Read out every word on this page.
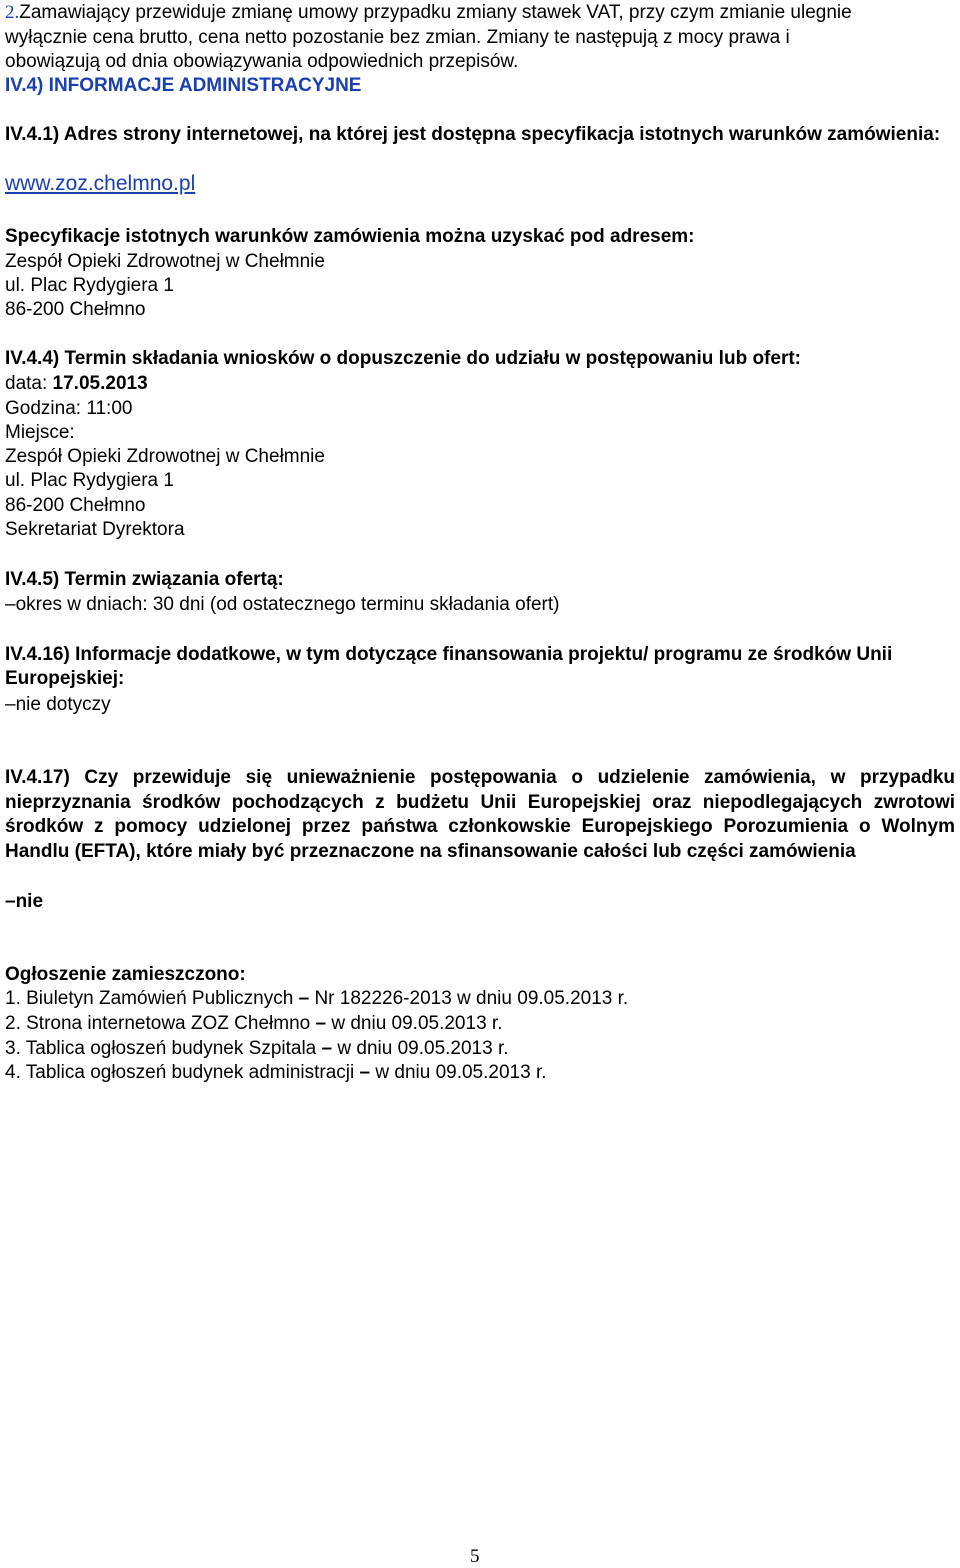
2.Zamawiający przewiduje zmianę umowy przypadku zmiany stawek VAT, przy czym zmianie ulegnie
wyłącznie cena brutto, cena netto pozostanie bez zmian. Zmiany te następują z mocy prawa i
obowiązują od dnia obowiązywania odpowiednich przepisów.
IV.4) INFORMACJE ADMINISTRACYJNE
IV.4.1) Adres strony internetowej, na której jest dostępna specyfikacja istotnych warunków zamówienia:
www.zoz.chelmno.pl
Specyfikacje istotnych warunków zamówienia można uzyskać pod adresem:
Zespół Opieki Zdrowotnej w Chełmnie
ul. Plac Rydygiera 1
86-200 Chełmno
IV.4.4) Termin składania wniosków o dopuszczenie do udziału w postępowaniu lub ofert:
data: 17.05.2013
Godzina: 11:00
Miejsce:
Zespół Opieki Zdrowotnej w Chełmnie
ul. Plac Rydygiera 1
86-200 Chełmno
Sekretariat Dyrektora
IV.4.5) Termin związania ofertą:
–okres w dniach: 30 dni (od ostatecznego terminu składania ofert)
IV.4.16) Informacje dodatkowe, w tym dotyczące finansowania projektu/ programu ze środków Unii Europejskiej:
–nie dotyczy
IV.4.17) Czy przewiduje się unieważnienie postępowania o udzielenie zamówienia, w przypadku nieprzyznania środków pochodzących z budżetu Unii Europejskiej oraz niepodlegających zwrotowi środków z pomocy udzielonej przez państwa członkowskie Europejskiego Porozumienia o Wolnym Handlu (EFTA), które miały być przeznaczone na sfinansowanie całości lub części zamówienia
–nie
Ogłoszenie zamieszczono:
1. Biuletyn Zamówień Publicznych – Nr 182226-2013 w dniu 09.05.2013 r.
2. Strona internetowa ZOZ Chełmno – w dniu 09.05.2013 r.
3. Tablica ogłoszeń budynek Szpitala – w dniu 09.05.2013 r.
4. Tablica ogłoszeń budynek administracji – w dniu 09.05.2013 r.
5
